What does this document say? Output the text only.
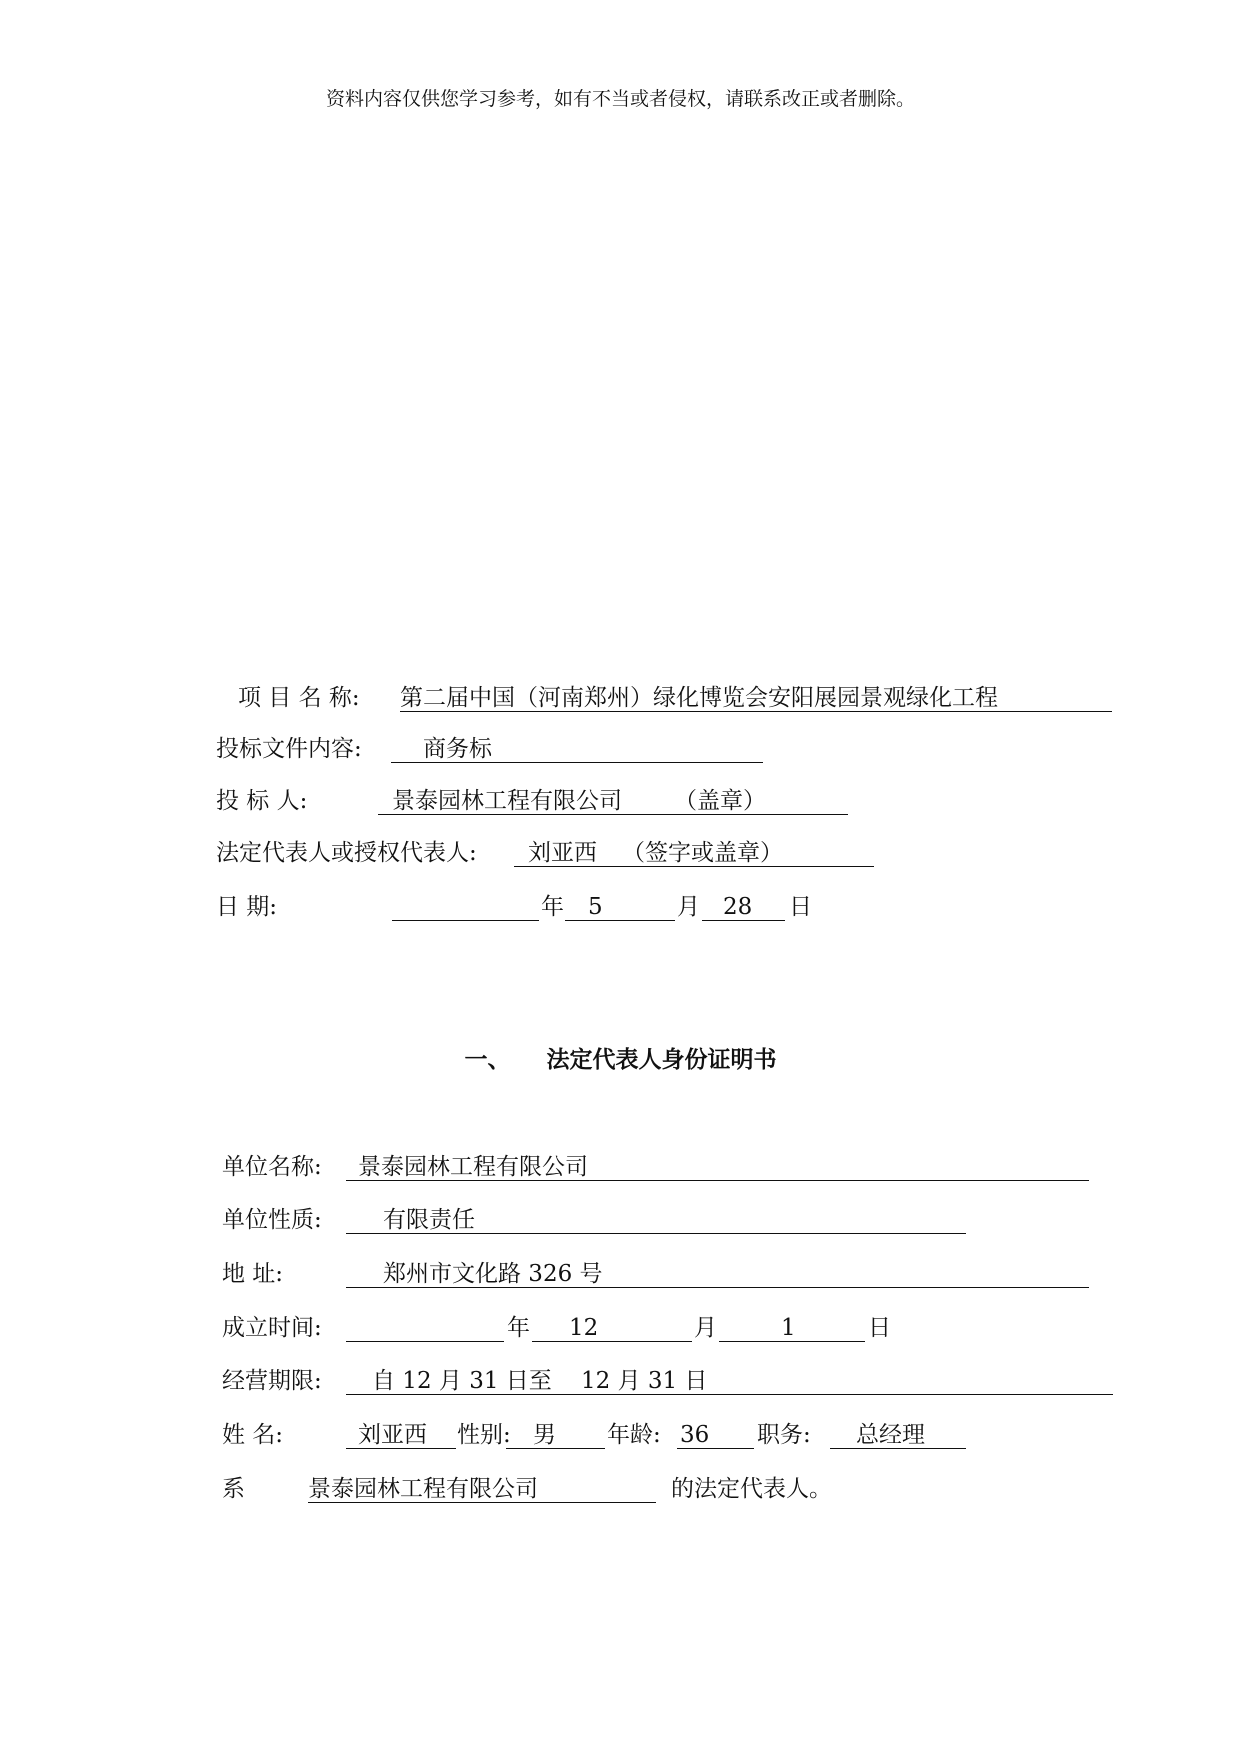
资料内容仅供您学习参考，如有不当或者侵权，请联系改正或者删除。
项 目 名 称: 第二届中国（河南郑州）绿化博览会安阳展园景观绿化工程
投标文件内容:	商务标
投 标 人:	景泰园林工程有限公司 （盖章）
法定代表人或授权代表人: 刘亚西 （签字或盖章）
日 期:	年 5	月 28 日
一、 法定代表人身份证明书
单位名称: 景泰园林工程有限公司
单位性质:	有限责任
地 址:	郑州市文化路 326 号
成立时间:	年 12	月	1	日
经营期限: 自 12 月 31 日至    12 月 31 日
姓 名:	刘亚西 性别: 男 年龄: 36 职务: 总经理
系	景泰园林工程有限公司	的法定代表人。
